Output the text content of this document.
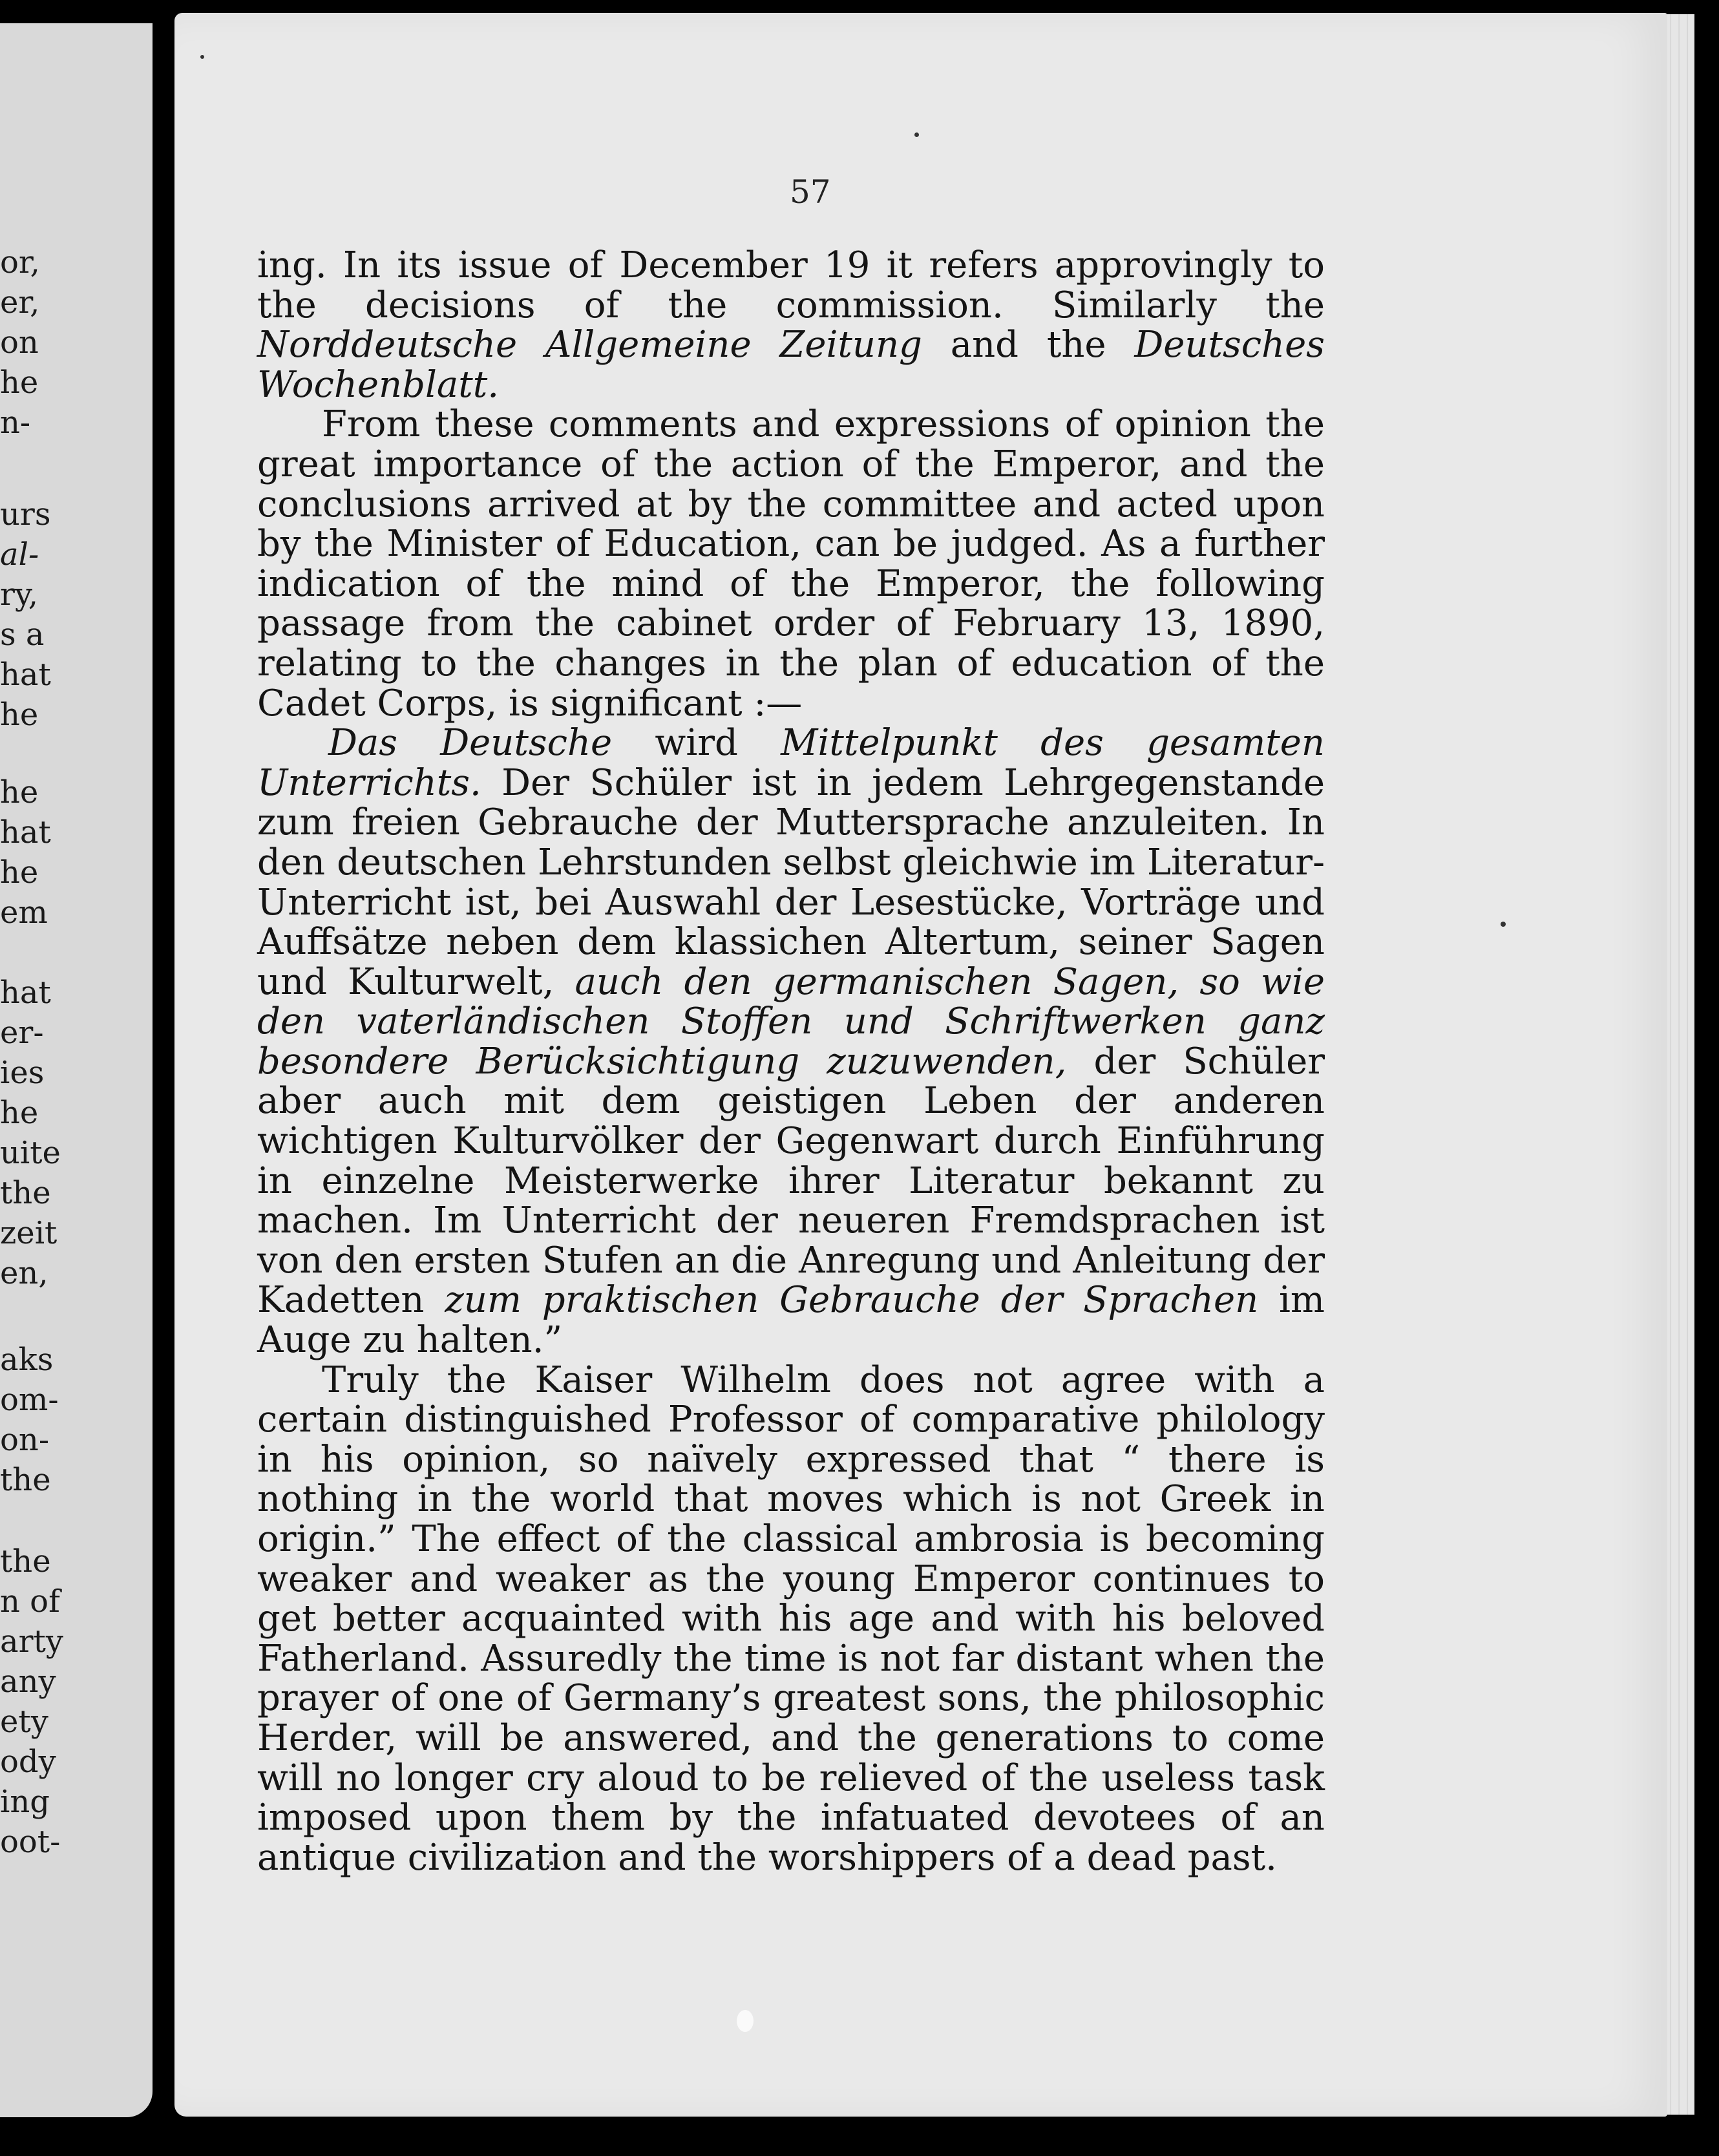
or,
er,
on
he
n-
urs
al-
ry,
s a
hat
he
he
hat
he
em
hat
er-
ies
he
uite
the
zeit
en,
aks
om-
on-
the
the
n of
arty
any
ety
ody
ing
oot-
57

ing. In its issue of December 19 it refers approvingly to the decisions of the commission. Similarly the Norddeutsche Allgemeine Zeitung and the Deutsches Wochenblatt.

From these comments and expressions of opinion the great importance of the action of the Emperor, and the conclusions arrived at by the committee and acted upon by the Minister of Education, can be judged. As a further indication of the mind of the Emperor, the following passage from the cabinet order of February 13, 1890, relating to the changes in the plan of education of the Cadet Corps, is significant :—

Das Deutsche wird Mittelpunkt des gesamten Unterrichts. Der Schüler ist in jedem Lehrgegenstande zum freien Gebrauche der Muttersprache anzuleiten. In den deutschen Lehrstunden selbst gleichwie im Literatur-Unterricht ist, bei Auswahl der Lesestücke, Vorträge und Auffsätze neben dem klassichen Altertum, seiner Sagen und Kulturwelt, auch den germanischen Sagen, so wie den vaterländischen Stoffen und Schriftwerken ganz besondere Berücksichtigung zuzuwenden, der Schüler aber auch mit dem geistigen Leben der anderen wichtigen Kulturvölker der Gegenwart durch Einführung in einzelne Meisterwerke ihrer Literatur bekannt zu machen. Im Unterricht der neueren Fremdsprachen ist von den ersten Stufen an die Anregung und Anleitung der Kadetten zum praktischen Gebrauche der Sprachen im Auge zu halten.”

Truly the Kaiser Wilhelm does not agree with a certain distinguished Professor of comparative philology in his opinion, so naïvely expressed that “ there is nothing in the world that moves which is not Greek in origin.” The effect of the classical ambrosia is becoming weaker and weaker as the young Emperor continues to get better acquainted with his age and with his beloved Fatherland. Assuredly the time is not far distant when the prayer of one of Germany’s greatest sons, the philosophic Herder, will be answered, and the generations to come will no longer cry aloud to be relieved of the useless task imposed upon them by the infatuated devotees of an antique civilization and the worshippers of a dead past.
